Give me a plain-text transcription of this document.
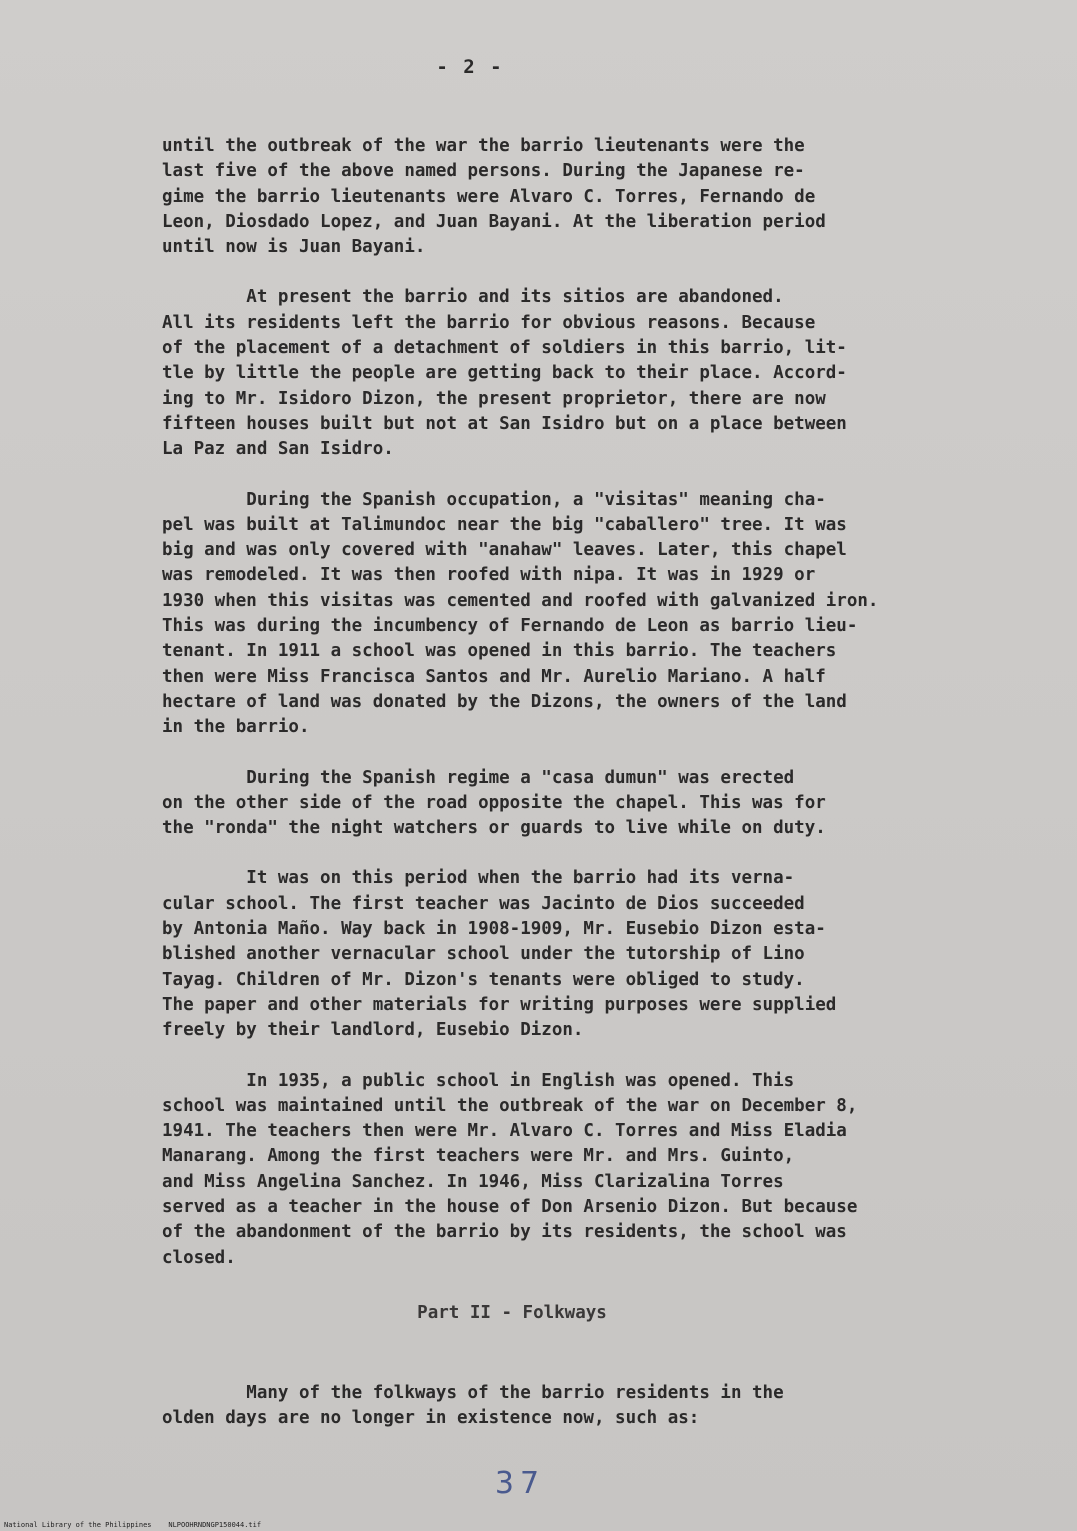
- 2 -

until the outbreak of the war the barrio lieutenants were the
last five of the above named persons. During the Japanese re-
gime the barrio lieutenants were Alvaro C. Torres, Fernando de
Leon, Diosdado Lopez, and Juan Bayani. At the liberation period
until now is Juan Bayani.

At present the barrio and its sitios are abandoned.
All its residents left the barrio for obvious reasons. Because
of the placement of a detachment of soldiers in this barrio, lit-
tle by little the people are getting back to their place. Accord-
ing to Mr. Isidoro Dizon, the present proprietor, there are now
fifteen houses built but not at San Isidro but on a place between
La Paz and San Isidro.

During the Spanish occupation, a "visitas" meaning cha-
pel was built at Talimundoc near the big "caballero" tree. It was
big and was only covered with "anahaw" leaves. Later, this chapel
was remodeled. It was then roofed with nipa. It was in 1929 or
1930 when this visitas was cemented and roofed with galvanized iron.
This was during the incumbency of Fernando de Leon as barrio lieu-
tenant. In 1911 a school was opened in this barrio. The teachers
then were Miss Francisca Santos and Mr. Aurelio Mariano. A half
hectare of land was donated by the Dizons, the owners of the land
in the barrio.

During the Spanish regime a "casa dumun" was erected
on the other side of the road opposite the chapel. This was for
the "ronda" the night watchers or guards to live while on duty.

It was on this period when the barrio had its verna-
cular school. The first teacher was Jacinto de Dios succeeded
by Antonia Maño. Way back in 1908-1909, Mr. Eusebio Dizon esta-
blished another vernacular school under the tutorship of Lino
Tayag. Children of Mr. Dizon's tenants were obliged to study.
The paper and other materials for writing purposes were supplied
freely by their landlord, Eusebio Dizon.

In 1935, a public school in English was opened. This
school was maintained until the outbreak of the war on December 8,
1941. The teachers then were Mr. Alvaro C. Torres and Miss Eladia
Manarang. Among the first teachers were Mr. and Mrs. Guinto,
and Miss Angelina Sanchez. In 1946, Miss Clarizalina Torres
served as a teacher in the house of Don Arsenio Dizon. But because
of the abandonment of the barrio by its residents, the school was
closed.

Part II - Folkways

Many of the folkways of the barrio residents in the
olden days are no longer in existence now, such as:

37
National Library of the Philippines    NLPOOHRNDNGP150044.tif
